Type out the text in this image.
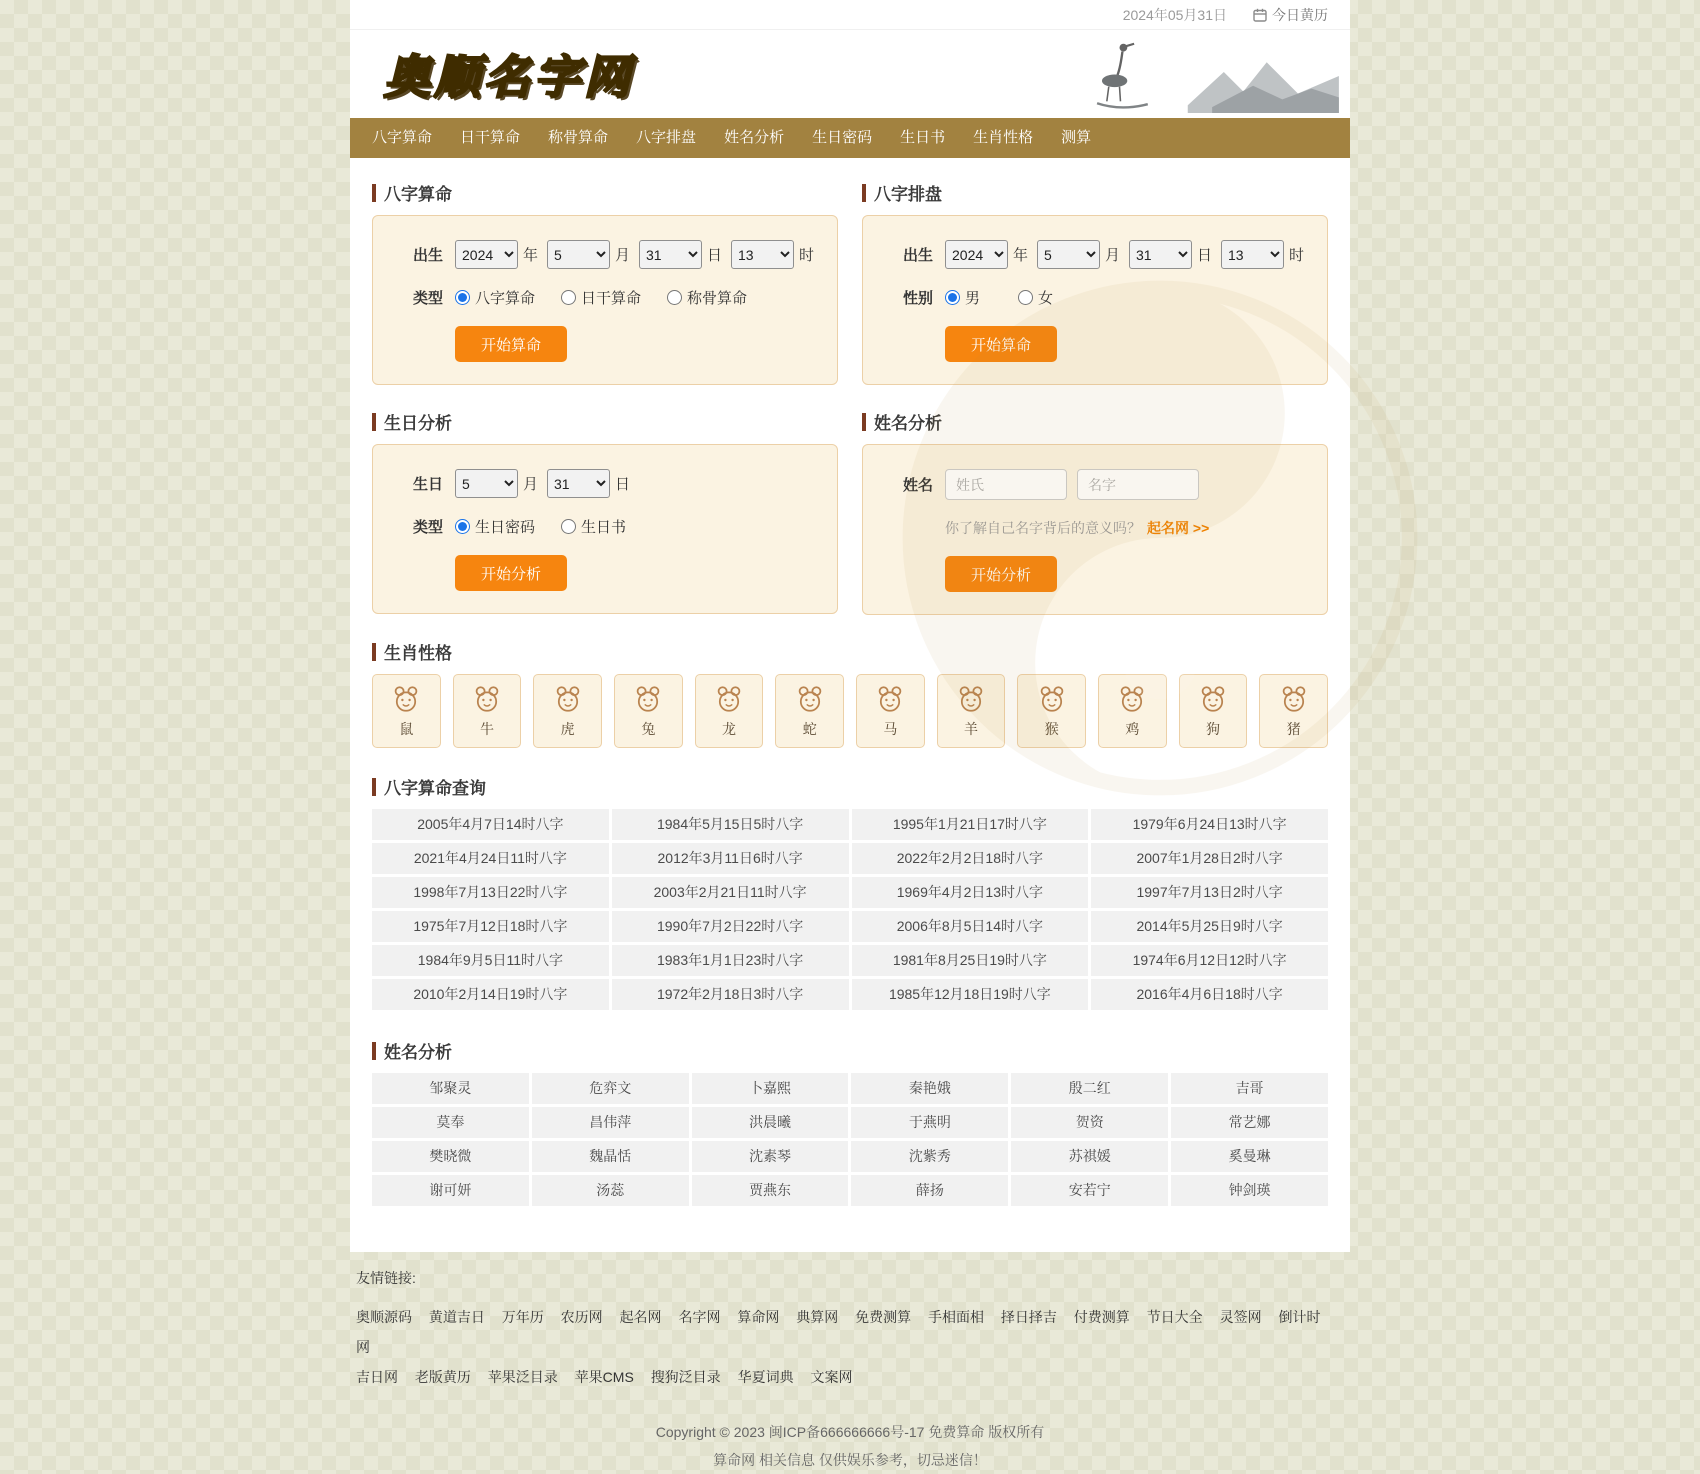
2024年05月31日	今日黄历
奥顺名字网
八字算命	日干算命	称骨算命	八字排盘	姓名分析	生日密码	生日书	生肖性格	测算
八字算命
出生
2024	年
5	月
31	日
13	时
类型	八字算命	日干算命	称骨算命
开始算命
八字排盘
出生
2024	年
5	月
31	日
13	时
性别	男	女
开始算命
生日分析
生日
5	月
31	日
类型	生日密码	生日书
开始分析
姓名分析
姓名
姓氏
名字
你了解自己名字背后的意义吗？ 起名网 >>
开始分析
生肖性格
鼠	牛	虎	兔	龙	蛇	马	羊	猴	鸡	狗	猪
八字算命查询
2005年4月7日14时八字	1984年5月15日5时八字	1995年1月21日17时八字	1979年6月24日13时八字
2021年4月24日11时八字	2012年3月11日6时八字	2022年2月2日18时八字	2007年1月28日2时八字
1998年7月13日22时八字	2003年2月21日11时八字	1969年4月2日13时八字	1997年7月13日2时八字
1975年7月12日18时八字	1990年7月2日22时八字	2006年8月5日14时八字	2014年5月25日9时八字
1984年9月5日11时八字	1983年1月1日23时八字	1981年8月25日19时八字	1974年6月12日12时八字
2010年2月14日19时八字	1972年2月18日3时八字	1985年12月18日19时八字	2016年4月6日18时八字
姓名分析
邹聚灵	危弈文	卜嘉熙	秦艳娥	殷二红	吉哥
莫奉	昌伟萍	洪晨曦	于燕明	贺资	常艺娜
樊晓微	魏晶恬	沈素琴	沈紫秀	苏祺媛	奚曼琳
谢可妍	汤蕊	贾燕东	薛扬	安若宁	钟剑瑛
友情链接:
奥顺源码 黄道吉日 万年历 农历网 起名网 名字网 算命网 典算网 免费测算 手相面相 择日择吉 付费测算 节日大全 灵签网 倒计时网
吉日网 老版黄历 苹果泛目录 苹果CMS 搜狗泛目录 华夏词典 文案网
Copyright © 2023 闽ICP备666666666号-17 免费算命 版权所有
算命网 相关信息 仅供娱乐参考，切忌迷信！
